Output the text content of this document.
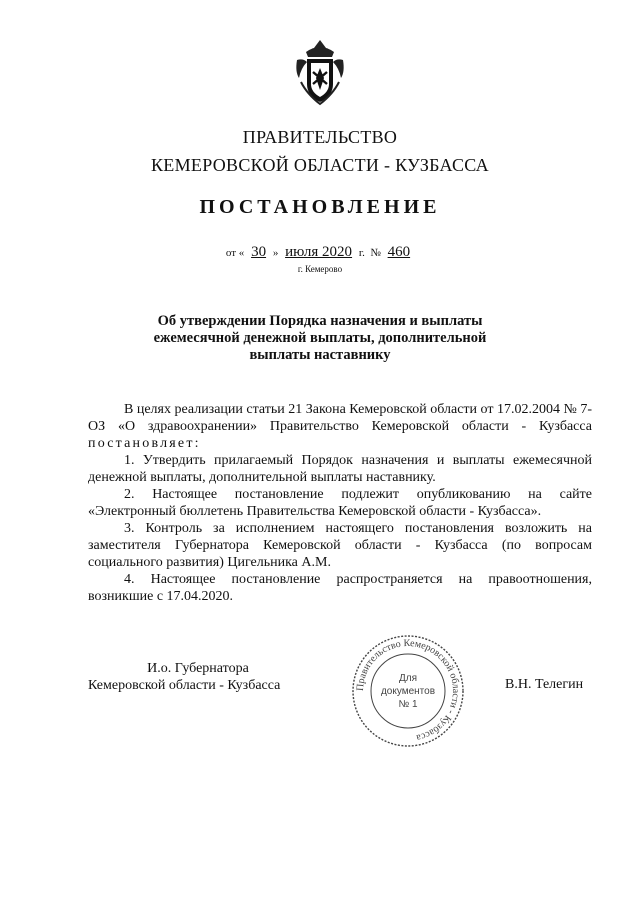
ПРАВИТЕЛЬСТВО
КЕМЕРОВСКОЙ ОБЛАСТИ - КУЗБАССА
ПОСТАНОВЛЕНИЕ
от « 30 » июля 2020 г. № 460
г. Кемерово
Об утверждении Порядка назначения и выплаты
ежемесячной денежной выплаты, дополнительной
выплаты наставнику

В целях реализации статьи 21 Закона Кемеровской области от 17.02.2004 № 7-ОЗ «О здравоохранении» Правительство Кемеровской области - Кузбасса постановляет:

1. Утвердить прилагаемый Порядок назначения и выплаты ежемесячной денежной выплаты, дополнительной выплаты наставнику.

2. Настоящее постановление подлежит опубликованию на сайте «Электронный бюллетень Правительства Кемеровской области - Кузбасса».

3. Контроль за исполнением настоящего постановления возложить на заместителя Губернатора Кемеровской области - Кузбасса (по вопросам социального развития) Цигельника А.М.

4. Настоящее постановление распространяется на правоотношения, возникшие с 17.04.2020.

И.о. Губернатора
Кемеровской области - Кузбасса	Правительство Кемеровской области - Кузбасса
Для
документов
№ 1
В.Н. Телегин
